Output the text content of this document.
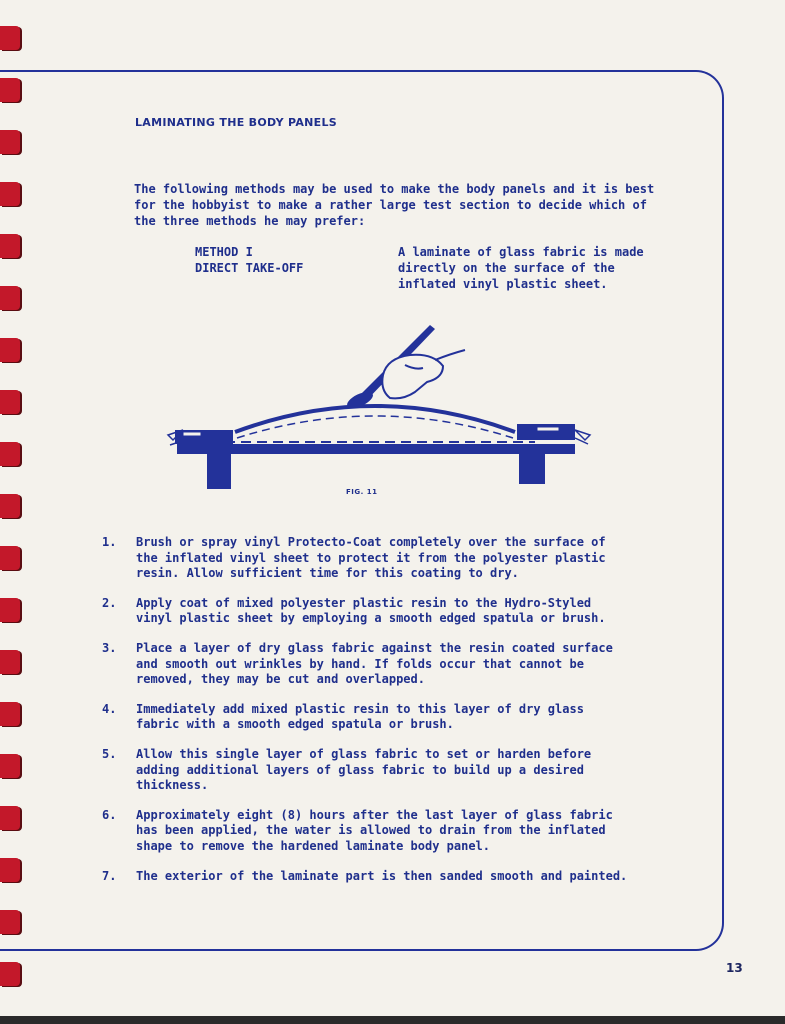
LAMINATING THE BODY PANELS

The following methods may be used to make the body panels and it is best for the hobbyist to make a rather large test section to decide which of the three methods he may prefer:

METHOD I
DIRECT TAKE-OFF
A laminate of glass fabric is made directly on the surface of the inflated vinyl plastic sheet.
FIG. 11
1.	Brush or spray vinyl Protecto-Coat completely over the surface of the inflated vinyl sheet to protect it from the polyester plastic resin. Allow sufficient time for this coating to dry.
2.	Apply coat of mixed polyester plastic resin to the Hydro-Styled vinyl plastic sheet by employing a smooth edged spatula or brush.
3.	Place a layer of dry glass fabric against the resin coated surface and smooth out wrinkles by hand. If folds occur that cannot be removed, they may be cut and overlapped.
4.	Immediately add mixed plastic resin to this layer of dry glass fabric with a smooth edged spatula or brush.
5.	Allow this single layer of glass fabric to set or harden before adding additional layers of glass fabric to build up a desired thickness.
6.	Approximately eight (8) hours after the last layer of glass fabric has been applied, the water is allowed to drain from the inflated shape to remove the hardened laminate body panel.
7.	The exterior of the laminate part is then sanded smooth and painted.
13
